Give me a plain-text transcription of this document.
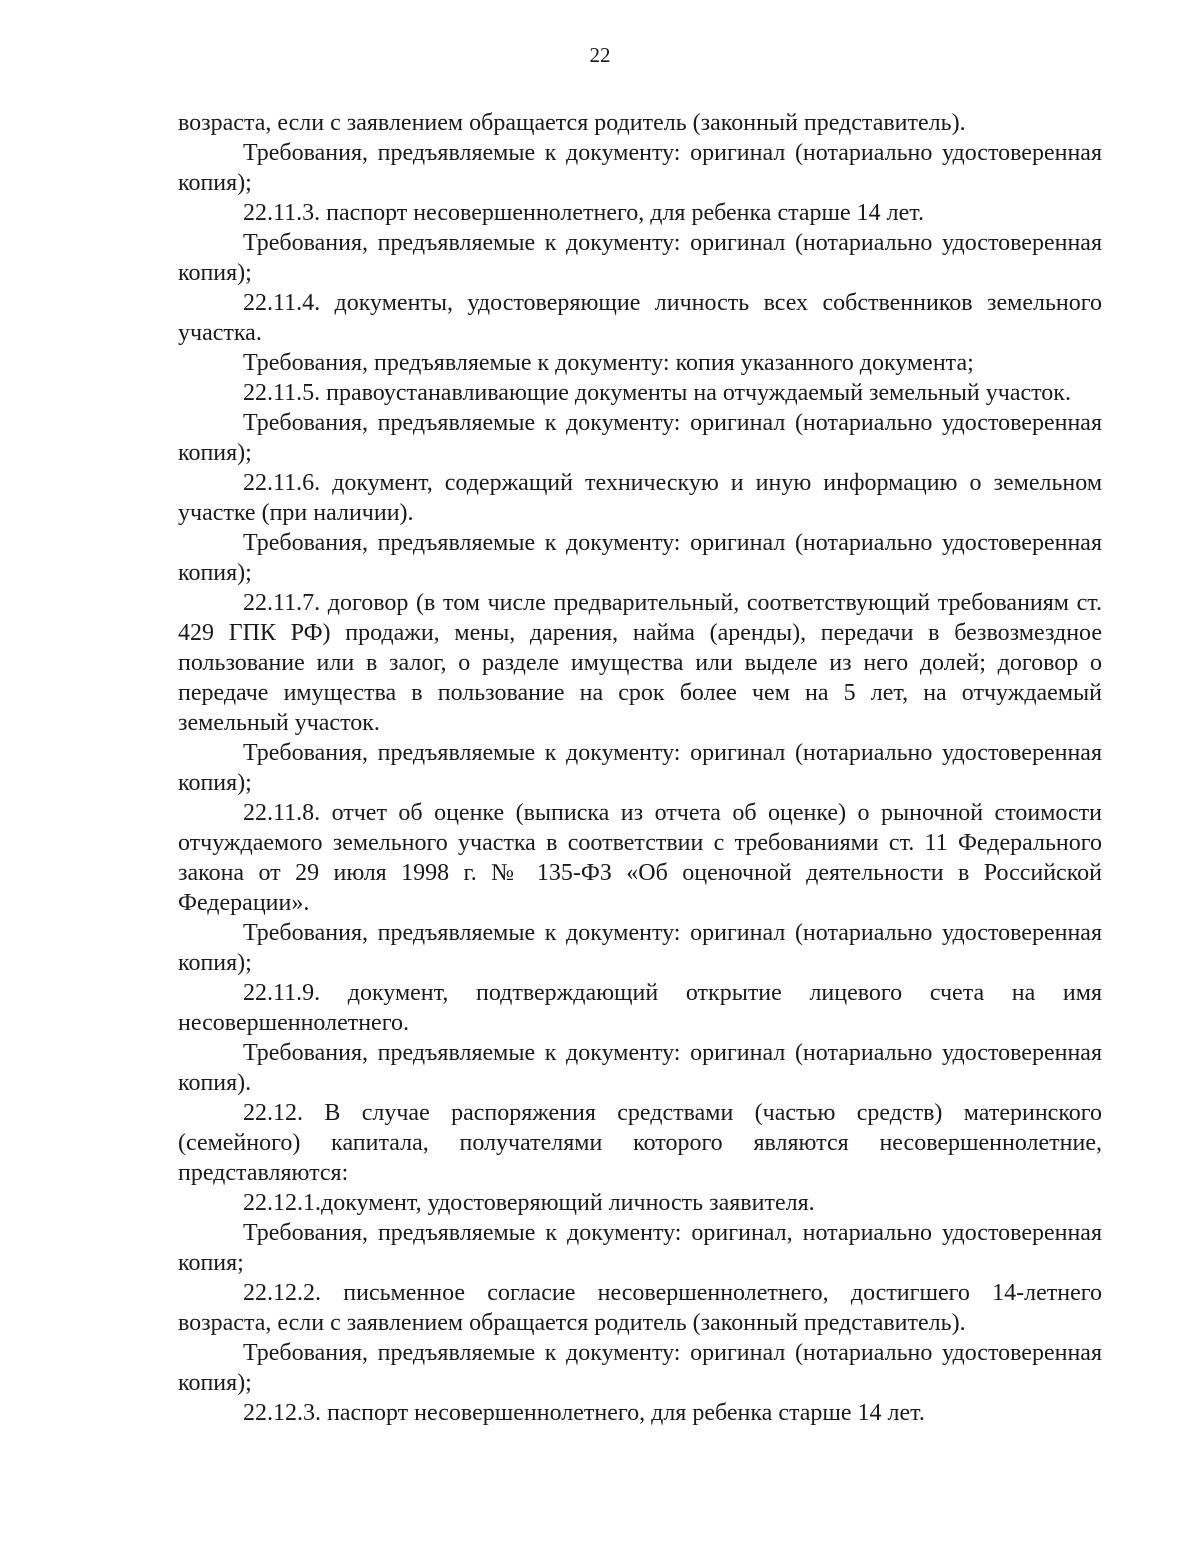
22

возраста, если с заявлением обращается родитель (законный представитель).

Требования, предъявляемые к документу: оригинал (нотариально удостоверенная копия);

22.11.3. паспорт несовершеннолетнего, для ребенка старше 14 лет.

Требования, предъявляемые к документу: оригинал (нотариально удостоверенная копия);

22.11.4. документы, удостоверяющие личность всех собственников земельного участка.

Требования, предъявляемые к документу: копия указанного документа;

22.11.5. правоустанавливающие документы на отчуждаемый земельный участок.

Требования, предъявляемые к документу: оригинал (нотариально удостоверенная копия);

22.11.6. документ, содержащий техническую и иную информацию о земельном участке (при наличии).

Требования, предъявляемые к документу: оригинал (нотариально удостоверенная копия);

22.11.7. договор (в том числе предварительный, соответствующий требованиям ст. 429 ГПК РФ) продажи, мены, дарения, найма (аренды), передачи в безвозмездное пользование или в залог, о разделе имущества или выделе из него долей; договор о передаче имущества в пользование на срок более чем на 5 лет, на отчуждаемый земельный участок.

Требования, предъявляемые к документу: оригинал (нотариально удостоверенная копия);

22.11.8. отчет об оценке (выписка из отчета об оценке) о рыночной стоимости отчуждаемого земельного участка в соответствии с требованиями ст. 11 Федерального закона от 29 июля 1998 г. № 135-ФЗ «Об оценочной деятельности в Российской Федерации».

Требования, предъявляемые к документу: оригинал (нотариально удостоверенная копия);

22.11.9. документ, подтверждающий открытие лицевого счета на имя несовершеннолетнего.

Требования, предъявляемые к документу: оригинал (нотариально удостоверенная копия).

22.12. В случае распоряжения средствами (частью средств) материнского (семейного) капитала, получателями которого являются несовершеннолетние, представляются:

22.12.1.документ, удостоверяющий личность заявителя.

Требования, предъявляемые к документу: оригинал, нотариально удостоверенная копия;

22.12.2. письменное согласие несовершеннолетнего, достигшего 14-летнего возраста, если с заявлением обращается родитель (законный представитель).

Требования, предъявляемые к документу: оригинал (нотариально удостоверенная копия);

22.12.3. паспорт несовершеннолетнего, для ребенка старше 14 лет.
